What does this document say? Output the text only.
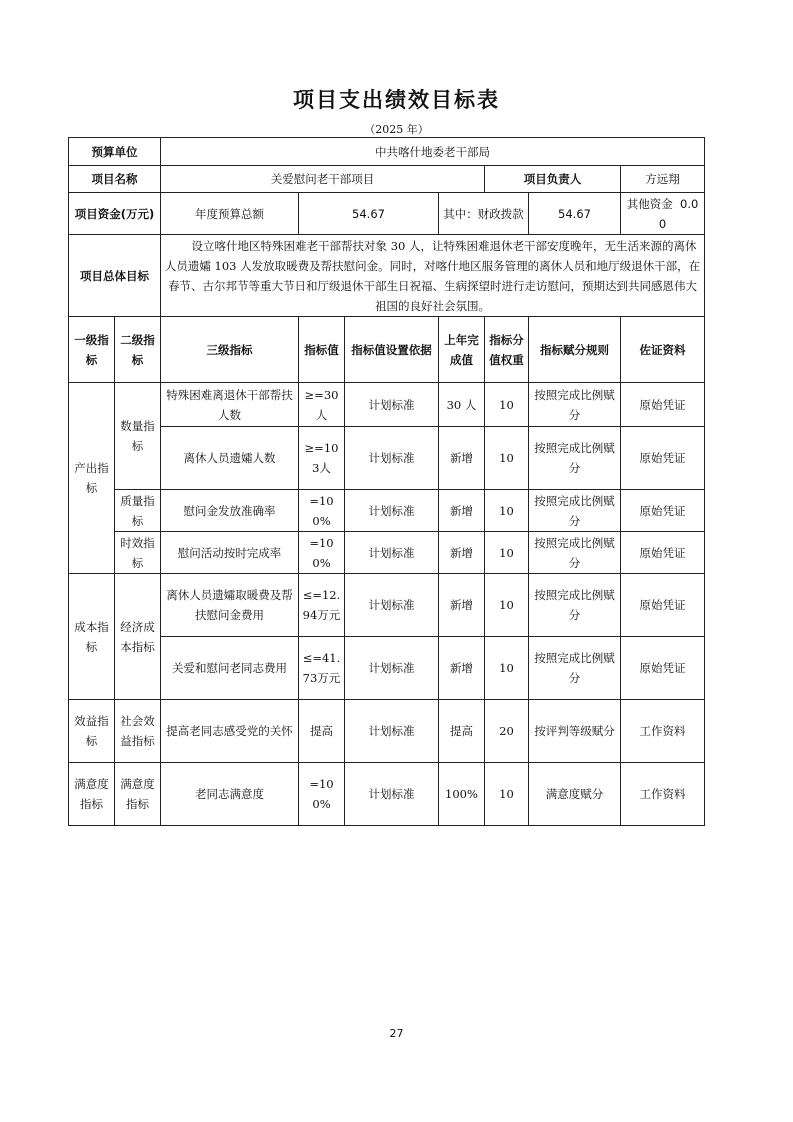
项目支出绩效目标表
（2025 年）
预算单位		中共喀什地委老干部局						
项目名称		关爱慰问老干部项目				项目负责人		方远翔
项目资金(万元)		年度预算总额	54.67		其中：财政拨款		54.67	其他资金 0.00
项目总体目标		设立喀什地区特殊困难老干部帮扶对象 30 人，让特殊困难退休老干部安度晚年，无生活来源的离休人员遗孀 103 人发放取暖费及帮扶慰问金。同时，对喀什地区服务管理的离休人员和地厅级退休干部，在春节、古尔邦节等重大节日和厅级退休干部生日祝福、生病探望时进行走访慰问，预期达到共同感恩伟大祖国的良好社会氛围。						
一级指标	二级指标	三级指标	指标值	指标值设置依据	上年完成值	指标分值权重	指标赋分规则	佐证资料
产出指标	数量指标	特殊困难离退休干部帮扶人数	≥=30人	计划标准	30 人	10	按照完成比例赋分	原始凭证
		离休人员遗孀人数	≥=103人	计划标准	新增	10	按照完成比例赋分	原始凭证
	质量指标	慰问金发放准确率	=100%	计划标准	新增	10	按照完成比例赋分	原始凭证
	时效指标	慰问活动按时完成率	=100%	计划标准	新增	10	按照完成比例赋分	原始凭证
成本指标	经济成本指标	离休人员遗孀取暖费及帮扶慰问金费用	≤=12.94万元	计划标准	新增	10	按照完成比例赋分	原始凭证
		关爱和慰问老同志费用	≤=41.73万元	计划标准	新增	10	按照完成比例赋分	原始凭证
效益指标	社会效益指标	提高老同志感受党的关怀	提高	计划标准	提高	20	按评判等级赋分	工作资料
满意度指标	满意度指标	老同志满意度	=100%	计划标准	100%	10	满意度赋分	工作资料
27
